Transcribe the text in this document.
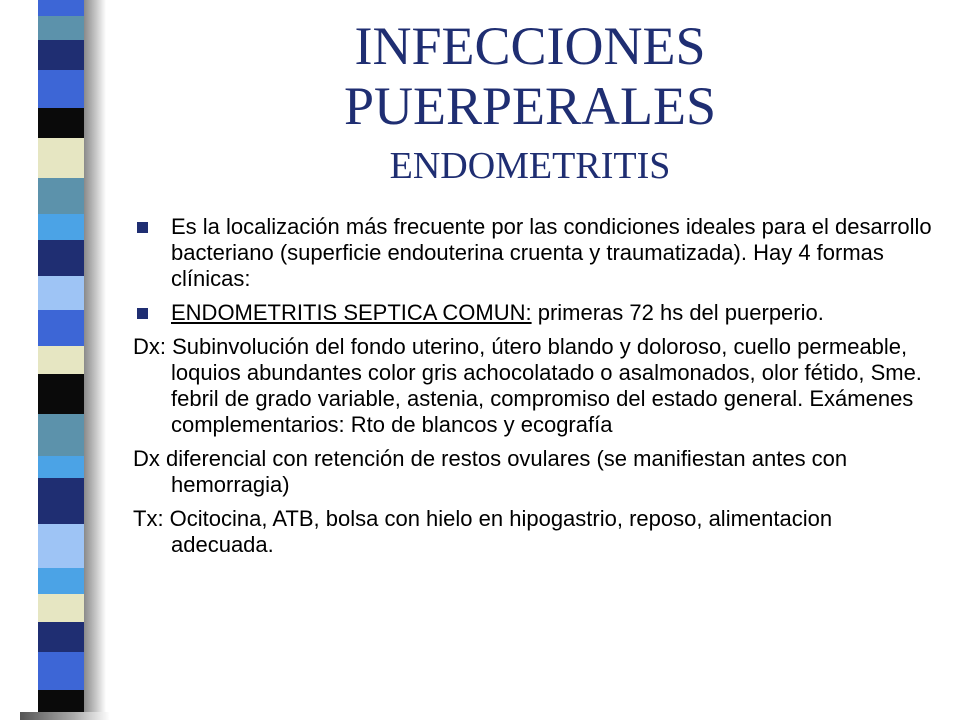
INFECCIONES
PUERPERALES
ENDOMETRITIS
Es la localización más frecuente por las condiciones ideales para el desarrollo bacteriano (superficie endouterina cruenta y traumatizada). Hay 4 formas clínicas:
ENDOMETRITIS SEPTICA COMUN: primeras 72 hs del puerperio.
Dx: Subinvolución del fondo uterino, útero blando y doloroso, cuello permeable, loquios abundantes color gris achocolatado o asalmonados, olor fétido, Sme. febril de grado variable, astenia, compromiso del estado general. Exámenes complementarios: Rto de blancos y ecografía
Dx diferencial con retención de restos ovulares (se manifiestan antes con hemorragia)
Tx: Ocitocina, ATB, bolsa con hielo en hipogastrio, reposo, alimentacion adecuada.
